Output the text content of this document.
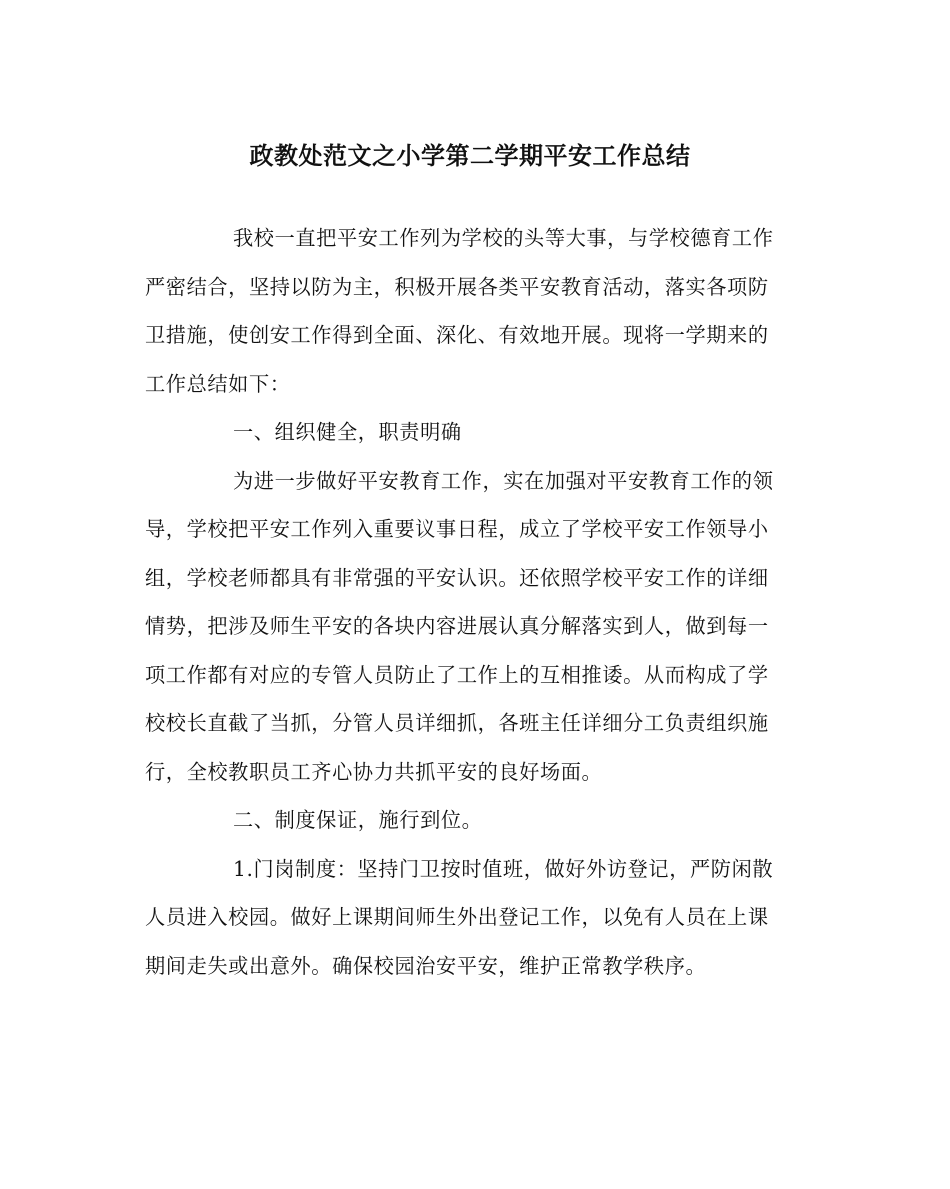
政教处范文之小学第二学期平安工作总结

我校一直把平安工作列为学校的头等大事，与学校德育工作
严密结合，坚持以防为主，积极开展各类平安教育活动，落实各项防
卫措施，使创安工作得到全面、深化、有效地开展。现将一学期来的
工作总结如下：

一、组织健全，职责明确

为进一步做好平安教育工作，实在加强对平安教育工作的领
导，学校把平安工作列入重要议事日程，成立了学校平安工作领导小
组，学校老师都具有非常强的平安认识。还依照学校平安工作的详细
情势，把涉及师生平安的各块内容进展认真分解落实到人，做到每一
项工作都有对应的专管人员防止了工作上的互相推诿。从而构成了学
校校长直截了当抓，分管人员详细抓，各班主任详细分工负责组织施
行，全校教职员工齐心协力共抓平安的良好场面。

二、制度保证，施行到位。

1.门岗制度：坚持门卫按时值班，做好外访登记，严防闲散
人员进入校园。做好上课期间师生外出登记工作，以免有人员在上课
期间走失或出意外。确保校园治安平安，维护正常教学秩序。
